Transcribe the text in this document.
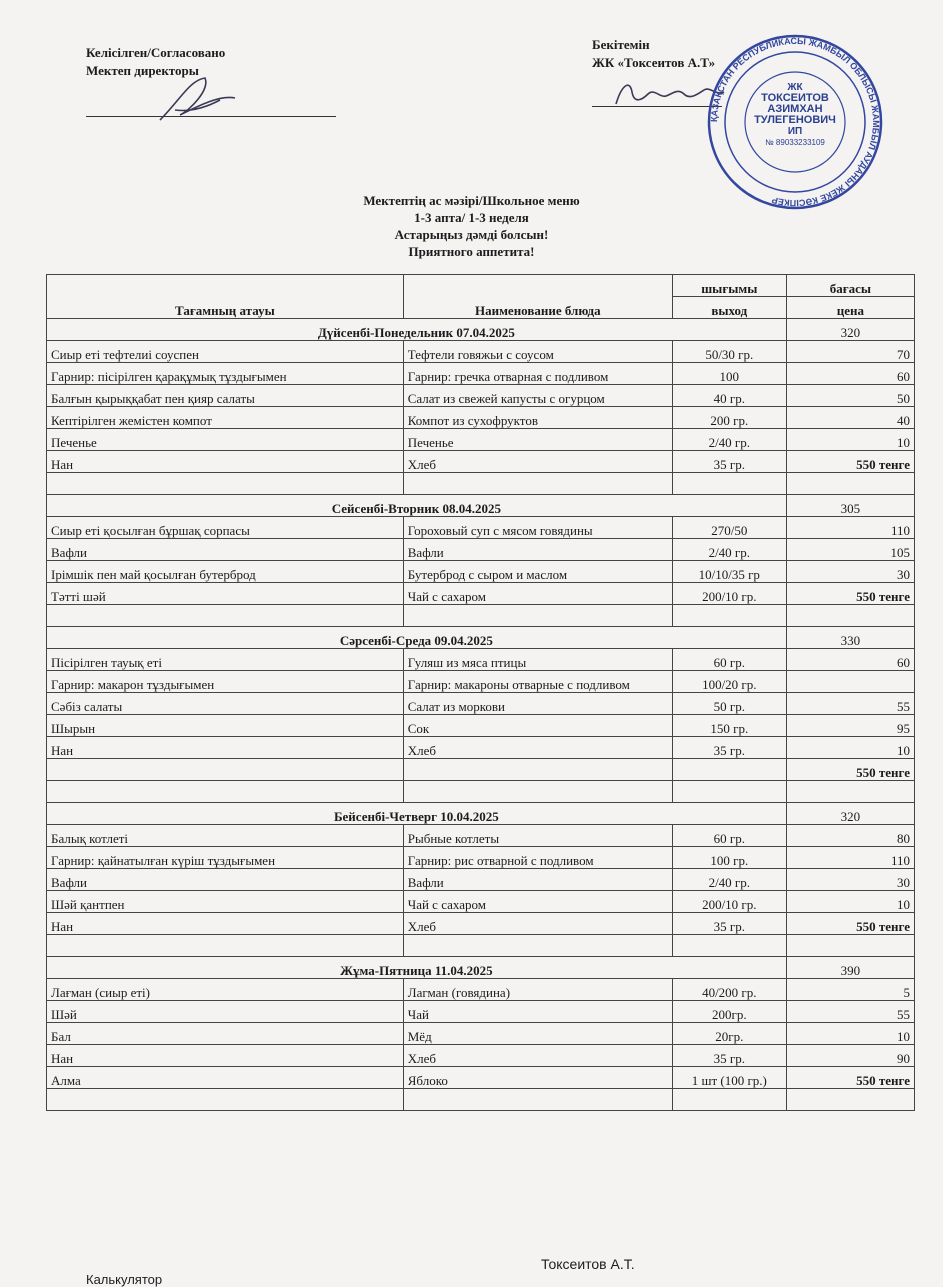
Келісілген/Согласовано
Мектеп директоры
Бекітемін
ЖК «Токсеитов А.Т»
ҚАЗАҚСТАН РЕСПУБЛИКАСЫ ЖАМБЫЛ ОБЛЫСЫ ЖАМБЫЛ АУДАНЫ ЖЕКЕ КӘСІПКЕР
ЖК
ТОКСЕИТОВ
АЗИМХАН
ТУЛЕГЕНОВИЧ
ИП
№ 89033233109
Мектептің ас мәзірі/Школьное меню
1-3 апта/ 1-3 неделя
Астарыңыз дәмді болсын!
Приятного аппетита!
Тағамның атауы	Наименование блюда	шығымы	бағасы
		выход	цена
Дүйсенбі-Понедельник 07.04.2025			320
Сиыр еті тефтелиі соуспен	Тефтели говяжьи с соусом	50/30 гр.	70
Гарнир: пісірілген қарақұмық тұздығымен	Гарнир: гречка отварная с подливом	100	60
Балғын қырыққабат пен қияр салаты	Салат из свежей капусты с огурцом	40 гр.	50
Кептірілген жемістен компот	Компот из сухофруктов	200 гр.	40
Печенье	Печенье	2/40 гр.	10
Нан	Хлеб	35 гр.	550 тенге

Сейсенбі-Вторник 08.04.2025			305
Сиыр еті қосылған бұршақ сорпасы	Гороховый суп с мясом говядины	270/50	110
Вафли	Вафли	2/40 гр.	105
Ірімшік пен май қосылған бутерброд	Бутерброд с сыром и маслом	10/10/35 гр	30
Тәтті шәй	Чай с сахаром	200/10 гр.	550 тенге

Сәрсенбі-Среда 09.04.2025			330
Пісірілген тауық еті	Гуляш из мяса птицы	60 гр.	60
Гарнир: макарон тұздығымен	Гарнир: макароны отварные с подливом	100/20 гр.	
Сәбіз салаты	Салат из моркови	50 гр.	55
Шырын	Сок	150 гр.	95
Нан	Хлеб	35 гр.	10
			550 тенге

Бейсенбі-Четверг 10.04.2025			320
Балық котлеті	Рыбные котлеты	60 гр.	80
Гарнир: қайнатылған күріш тұздығымен	Гарнир: рис отварной с подливом	100 гр.	110
Вафли	Вафли	2/40 гр.	30
Шәй қантпен	Чай с сахаром	200/10 гр.	10
Нан	Хлеб	35 гр.	550 тенге

Жұма-Пятница 11.04.2025			390
Лағман (сиыр еті)	Лагман (говядина)	40/200 гр.	5
Шәй	Чай	200гр.	55
Бал	Мёд	20гр.	10
Нан	Хлеб	35 гр.	90
Алма	Яблоко	1 шт (100 гр.)	550 тенге

Калькулятор
Токсеитов А.Т.
